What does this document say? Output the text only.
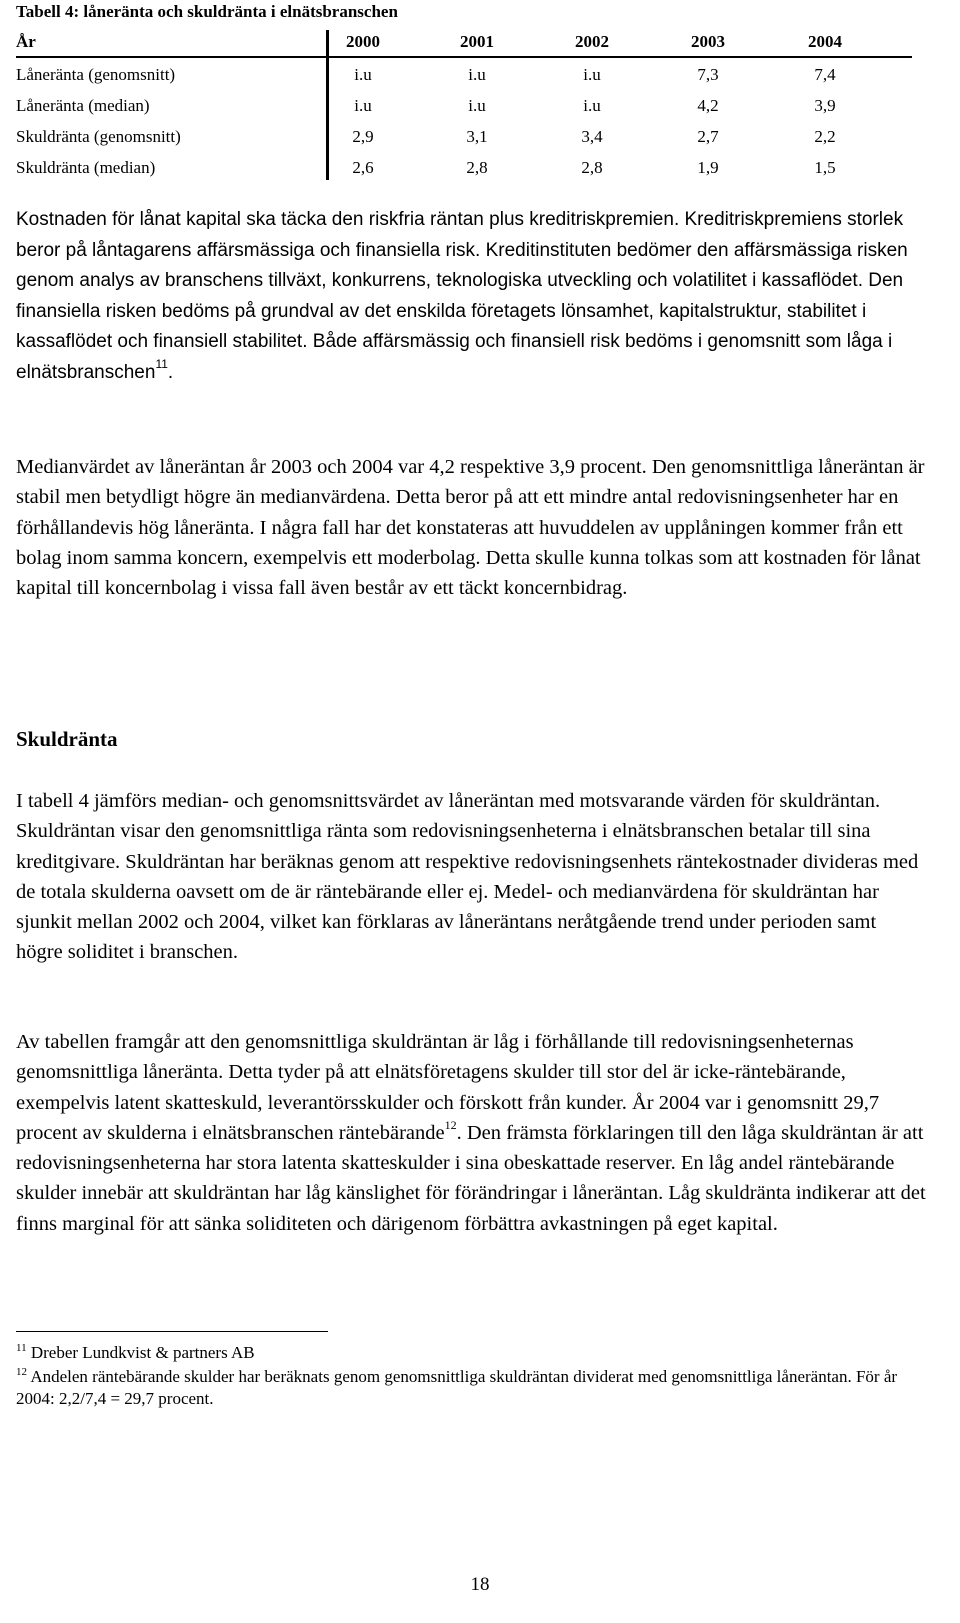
Tabell 4: låneränta och skuldränta i elnätsbranschen
År	2000	2001	2002	2003	2004
Låneränta (genomsnitt)	i.u	i.u	i.u	7,3	7,4
Låneränta (median)	i.u	i.u	i.u	4,2	3,9
Skuldränta (genomsnitt)	2,9	3,1	3,4	2,7	2,2
Skuldränta (median)	2,6	2,8	2,8	1,9	1,5

Kostnaden för lånat kapital ska täcka den riskfria räntan plus kreditriskpremien. Kreditriskpremiens storlek beror på låntagarens affärsmässiga och finansiella risk. Kreditinstituten bedömer den affärsmässiga risken genom analys av branschens tillväxt, konkurrens, teknologiska utveckling och volatilitet i kassaflödet. Den finansiella risken bedöms på grundval av det enskilda företagets lönsamhet, kapitalstruktur, stabilitet i kassaflödet och finansiell stabilitet. Både affärsmässig och finansiell risk bedöms i genomsnitt som låga i elnätsbranschen$^{11}$.

Medianvärdet av låneräntan år 2003 och 2004 var 4,2 respektive 3,9 procent. Den genomsnittliga låneräntan är stabil men betydligt högre än medianvärdena. Detta beror på att ett mindre antal redovisningsenheter har en förhållandevis hög låneränta. I några fall har det konstateras att huvuddelen av upplåningen kommer från ett bolag inom samma koncern, exempelvis ett moderbolag. Detta skulle kunna tolkas som att kostnaden för lånat kapital till koncernbolag i vissa fall även består av ett täckt koncernbidrag.

Skuldränta

I tabell 4 jämförs median- och genomsnittsvärdet av låneräntan med motsvarande värden för skuldräntan. Skuldräntan visar den genomsnittliga ränta som redovisningsenheterna i elnätsbranschen betalar till sina kreditgivare. Skuldräntan har beräknas genom att respektive redovisningsenhets räntekostnader divideras med de totala skulderna oavsett om de är räntebärande eller ej. Medel- och medianvärdena för skuldräntan har sjunkit mellan 2002 och 2004, vilket kan förklaras av låneräntans neråtgående trend under perioden samt högre soliditet i branschen.

Av tabellen framgår att den genomsnittliga skuldräntan är låg i förhållande till redovisningsenheternas genomsnittliga låneränta. Detta tyder på att elnätsföretagens skulder till stor del är icke-räntebärande, exempelvis latent skatteskuld, leverantörsskulder och förskott från kunder. År 2004 var i genomsnitt 29,7 procent av skulderna i elnätsbranschen räntebärande$^{12}$. Den främsta förklaringen till den låga skuldräntan är att redovisningsenheterna har stora latenta skatteskulder i sina obeskattade reserver. En låg andel räntebärande skulder innebär att skuldräntan har låg känslighet för förändringar i låneräntan. Låg skuldränta indikerar att det finns marginal för att sänka soliditeten och därigenom förbättra avkastningen på eget kapital.

$^{11}$ Dreber Lundkvist & partners AB

$^{12}$ Andelen räntebärande skulder har beräknats genom genomsnittliga skuldräntan dividerat med genomsnittliga låneräntan. För år 2004: 2,2/7,4 = 29,7 procent.

18
